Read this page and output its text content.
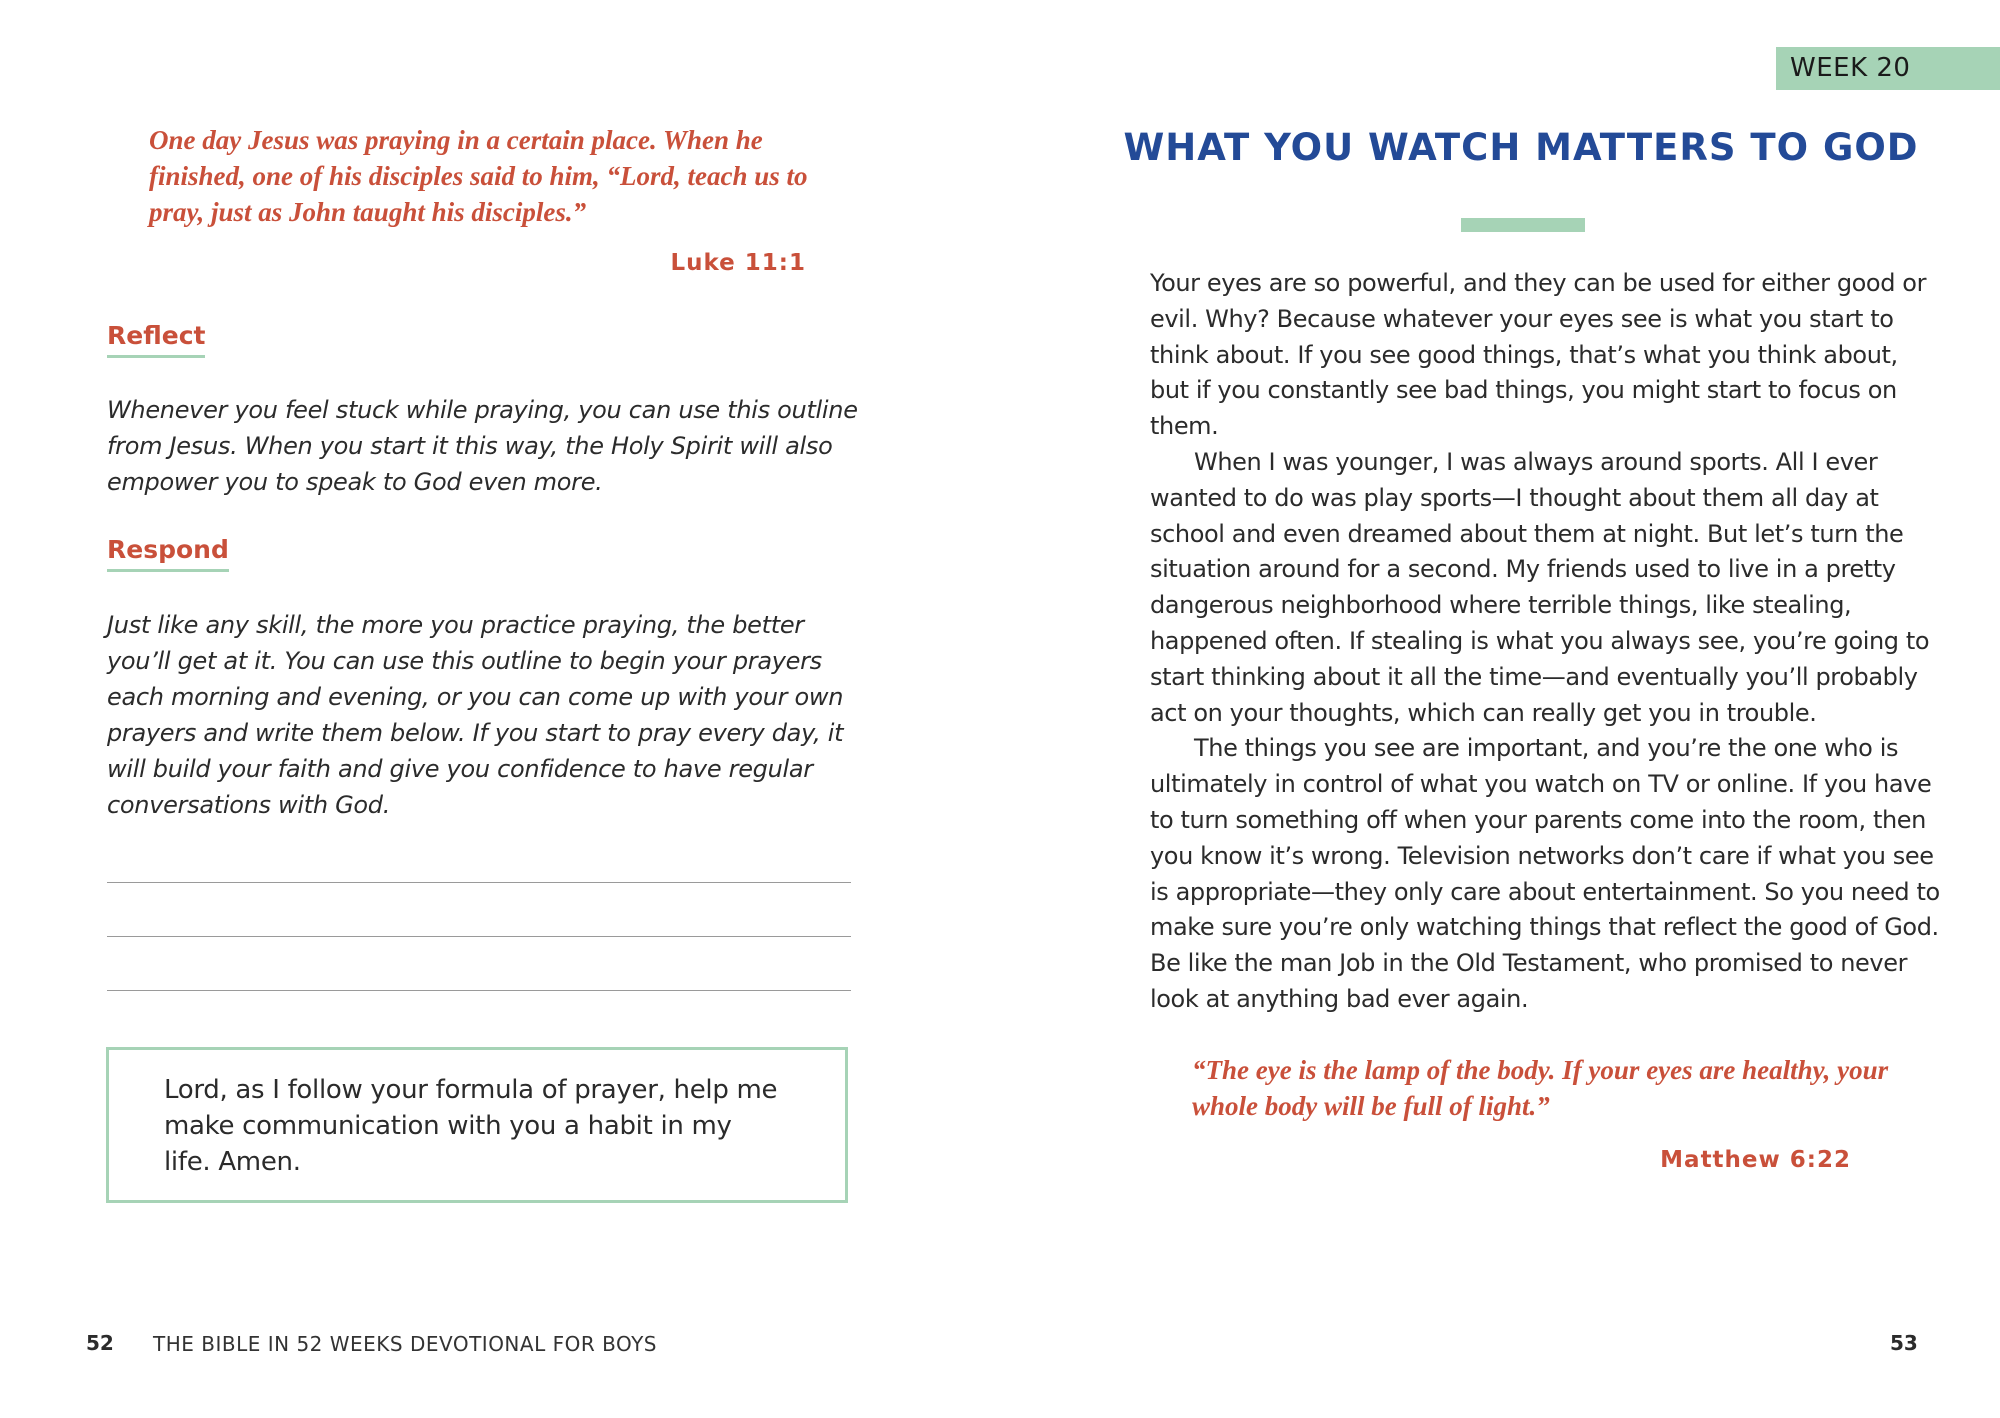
One day Jesus was praying in a certain place. When he finished, one of his disciples said to him, “Lord, teach us to pray, just as John taught his disciples.”
Luke 11:1
Reflect
Whenever you feel stuck while praying, you can use this outline from Jesus. When you start it this way, the Holy Spirit will also empower you to speak to God even more.
Respond
Just like any skill, the more you practice praying, the better you’ll get at it. You can use this outline to begin your prayers each morning and evening, or you can come up with your own prayers and write them below. If you start to pray every day, it will build your faith and give you confidence to have regular conversations with God.
Lord, as I follow your formula of prayer, help me make communication with you a habit in my life. Amen.
52 THE BIBLE IN 52 WEEKS DEVOTIONAL FOR BOYS
WEEK 20
WHAT YOU WATCH MATTERS TO GOD

Your eyes are so powerful, and they can be used for either good or evil. Why? Because whatever your eyes see is what you start to think about. If you see good things, that’s what you think about, but if you constantly see bad things, you might start to focus on them.

When I was younger, I was always around sports. All I ever wanted to do was play sports—I thought about them all day at school and even dreamed about them at night. But let’s turn the situation around for a second. My friends used to live in a pretty dangerous neighborhood where terrible things, like stealing, happened often. If stealing is what you always see, you’re going to start thinking about it all the time—and eventually you’ll probably act on your thoughts, which can really get you in trouble.

The things you see are important, and you’re the one who is ultimately in control of what you watch on TV or online. If you have to turn something off when your parents come into the room, then you know it’s wrong. Television networks don’t care if what you see is appropriate—they only care about entertainment. So you need to make sure you’re only watching things that reflect the good of God. Be like the man Job in the Old Testament, who promised to never look at anything bad ever again.

“The eye is the lamp of the body. If your eyes are healthy, your whole body will be full of light.”
Matthew 6:22
53
